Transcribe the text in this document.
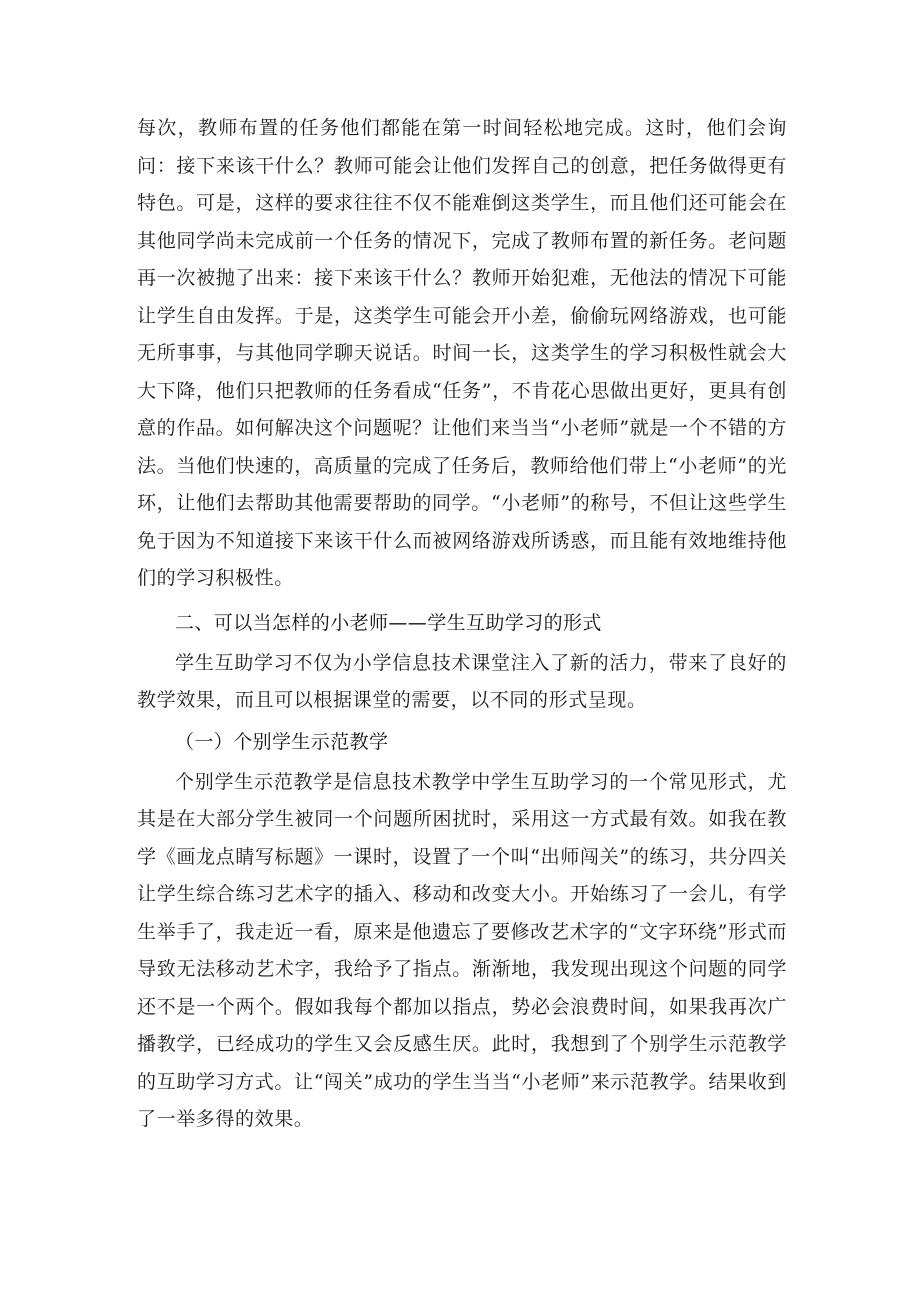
每次，教师布置的任务他们都能在第一时间轻松地完成。这时，他们会询问：接下来该干什么？教师可能会让他们发挥自己的创意，把任务做得更有特色。可是，这样的要求往往不仅不能难倒这类学生，而且他们还可能会在其他同学尚未完成前一个任务的情况下，完成了教师布置的新任务。老问题再一次被抛了出来：接下来该干什么？教师开始犯难，无他法的情况下可能让学生自由发挥。于是，这类学生可能会开小差，偷偷玩网络游戏，也可能无所事事，与其他同学聊天说话。时间一长，这类学生的学习积极性就会大大下降，他们只把教师的任务看成“任务”，不肯花心思做出更好，更具有创意的作品。如何解决这个问题呢？让他们来当当“小老师”就是一个不错的方法。当他们快速的，高质量的完成了任务后，教师给他们带上“小老师”的光环，让他们去帮助其他需要帮助的同学。“小老师”的称号，不但让这些学生免于因为不知道接下来该干什么而被网络游戏所诱惑，而且能有效地维持他们的学习积极性。

二、可以当怎样的小老师——学生互助学习的形式

学生互助学习不仅为小学信息技术课堂注入了新的活力，带来了良好的教学效果，而且可以根据课堂的需要，以不同的形式呈现。

（一）个别学生示范教学

个别学生示范教学是信息技术教学中学生互助学习的一个常见形式，尤其是在大部分学生被同一个问题所困扰时，采用这一方式最有效。如我在教学《画龙点睛写标题》一课时，设置了一个叫“出师闯关”的练习，共分四关让学生综合练习艺术字的插入、移动和改变大小。开始练习了一会儿，有学生举手了，我走近一看，原来是他遗忘了要修改艺术字的“文字环绕”形式而导致无法移动艺术字，我给予了指点。渐渐地，我发现出现这个问题的同学还不是一个两个。假如我每个都加以指点，势必会浪费时间，如果我再次广播教学，已经成功的学生又会反感生厌。此时，我想到了个别学生示范教学的互助学习方式。让“闯关”成功的学生当当“小老师”来示范教学。结果收到了一举多得的效果。
